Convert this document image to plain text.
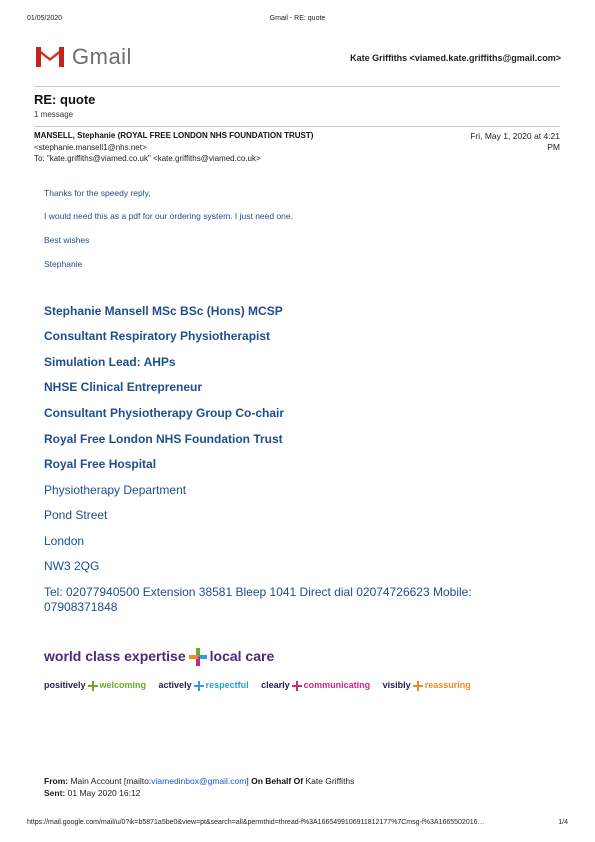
01/05/2020	Gmail - RE: quote
Gmail	Kate Griffiths <viamed.kate.griffiths@gmail.com>
RE: quote
1 message
MANSELL, Stephanie (ROYAL FREE LONDON NHS FOUNDATION TRUST)
<stephanie.mansell1@nhs.net>
To: "kate.griffiths@viamed.co.uk" <kate.griffiths@viamed.co.uk>
Fri, May 1, 2020 at 4:21
PM
Thanks for the speedy reply,
I would need this as a pdf for our ordering system. I just need one.
Best wishes
Stephanie
Stephanie Mansell MSc BSc (Hons) MCSP
Consultant Respiratory Physiotherapist
Simulation Lead: AHPs
NHSE Clinical Entrepreneur
Consultant Physiotherapy Group Co-chair
Royal Free London NHS Foundation Trust
Royal Free Hospital
Physiotherapy Department
Pond Street
London
NW3 2QG
Tel: 02077940500 Extension 38581 Bleep 1041 Direct dial 02074726623 Mobile: 07908371848
world class expertise local care
positively welcoming actively respectful clearly communicating visibly reassuring
From: Main Account [mailto:viamedinbox@gmail.com] On Behalf Of Kate Griffiths
Sent: 01 May 2020 16:12
https://mail.google.com/mail/u/0?ik=b5871a5be0&view=pt&search=all&permthid=thread-f%3A1665499106911812177%7Cmsg-f%3A1665502016…	1/4
